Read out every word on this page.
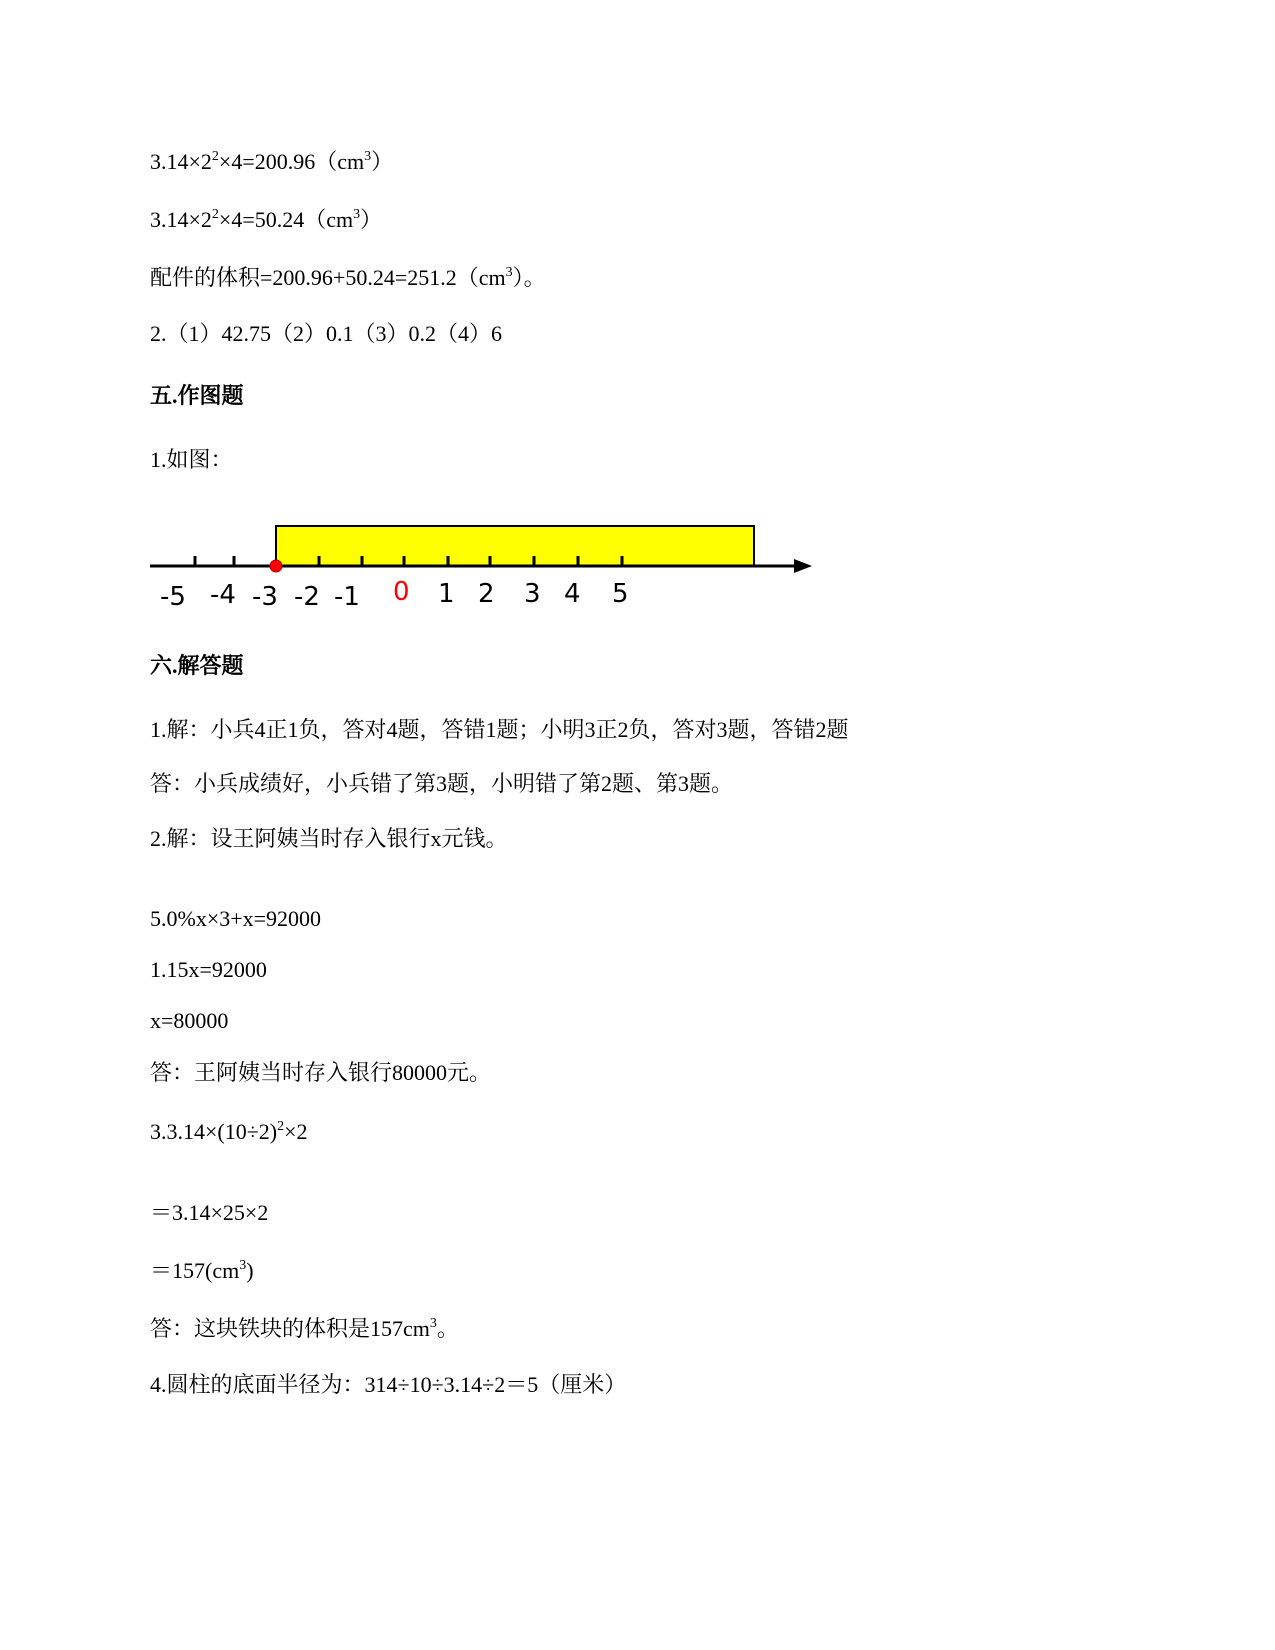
$3.14\times 2^2\times 4=200.96(cm^3)$

$3.14\times 2^2\times 4=50.24(cm^3)$

配件的体积$=200.96+50.24=251.2(cm^3)$。

2.（1）42.75（2）0.1（3）0.2（4）6

五.作图题

1.如图：

-5 -4 -3 -2 -1 0 1 2 3 4 5

六.解答题

1.解：小兵4正1负，答对4题，答错1题；小明3正2负，答对3题，答错2题

答：小兵成绩好，小兵错了第3题，小明错了第2题、第3题。

2.解：设王阿姨当时存入银行x元钱。

5.0%x×3+x=92000

1.15x=92000

x=80000

答：王阿姨当时存入银行80000元。

$3.3.14\times(10\div 2)^2\times 2$

＝3.14×25×2

$=157(cm^3)$

答：这块铁块的体积是$157cm^3$。

4.圆柱的底面半径为：314÷10÷3.14÷2＝5（厘米）
